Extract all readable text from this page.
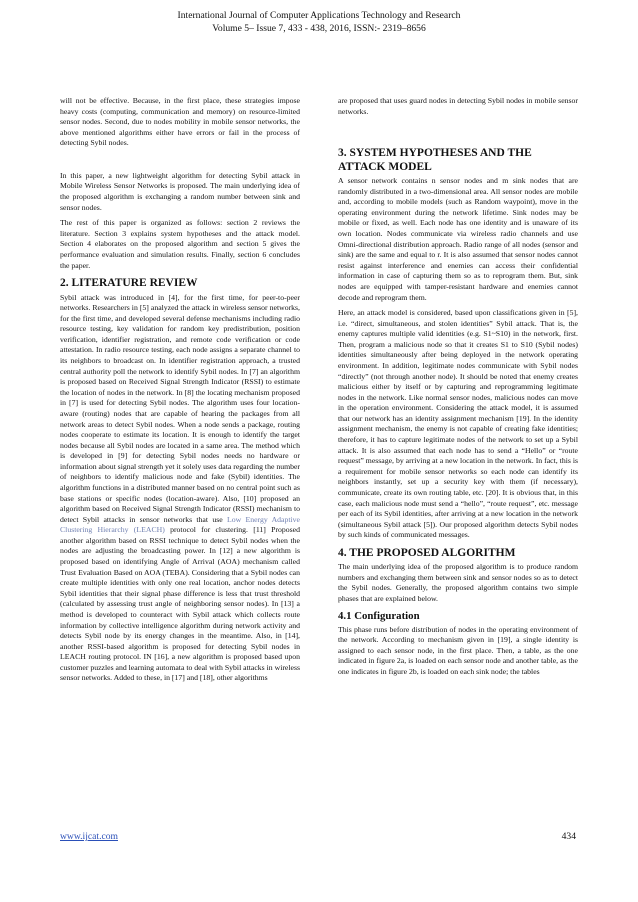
International Journal of Computer Applications Technology and Research
Volume 5– Issue 7, 433 - 438, 2016, ISSN:- 2319–8656

will not be effective. Because, in the first place, these strategies impose heavy costs (computing, communication and memory) on resource-limited sensor nodes. Second, due to nodes mobility in mobile sensor networks, the above mentioned algorithms either have errors or fail in the process of detecting Sybil nodes.

In this paper, a new lightweight algorithm for detecting Sybil attack in Mobile Wireless Sensor Networks is proposed. The main underlying idea of the proposed algorithm is exchanging a random number between sink and sensor nodes.

The rest of this paper is organized as follows: section 2 reviews the literature. Section 3 explains system hypotheses and the attack model. Section 4 elaborates on the proposed algorithm and section 5 gives the performance evaluation and simulation results. Finally, section 6 concludes the paper.

2. LITERATURE REVIEW

Sybil attack was introduced in [4], for the first time, for peer-to-peer networks. Researchers in [5] analyzed the attack in wireless sensor networks, for the first time, and developed several defense mechanisms including radio resource testing, key validation for random key predistribution, position verification, identifier registration, and remote code verification or code attestation. In radio resource testing, each node assigns a separate channel to its neighbors to broadcast on. In identifier registration approach, a trusted central authority poll the network to identify Sybil nodes. In [7] an algorithm is proposed based on Received Signal Strength Indicator (RSSI) to estimate the location of nodes in the network. In [8] the locating mechanism proposed in [7] is used for detecting Sybil nodes. The algorithm uses four location-aware (routing) nodes that are capable of hearing the packages from all network areas to detect Sybil nodes. When a node sends a package, routing nodes cooperate to estimate its location. It is enough to identify the target nodes because all Sybil nodes are located in a same area. The method which is developed in [9] for detecting Sybil nodes needs no hardware or information about signal strength yet it solely uses data regarding the number of neighbors to identify malicious node and fake (Sybil) identities. The algorithm functions in a distributed manner based on no central point such as base stations or specific nodes (location-aware). Also, [10] proposed an algorithm based on Received Signal Strength Indicator (RSSI) mechanism to detect Sybil attacks in sensor networks that use Low Energy Adaptive Clustering Hierarchy (LEACH) protocol for clustering. [11] Proposed another algorithm based on RSSI technique to detect Sybil nodes when the nodes are adjusting the broadcasting power. In [12] a new algorithm is proposed based on identifying Angle of Arrival (AOA) mechanism called Trust Evaluation Based on AOA (TEBA). Considering that a Sybil nodes can create multiple identities with only one real location, anchor nodes detects Sybil identities that their signal phase difference is less that trust threshold (calculated by assessing trust angle of neighboring sensor nodes). In [13] a method is developed to counteract with Sybil attack which collects route information by collective intelligence algorithm during network activity and detects Sybil node by its energy changes in the meantime. Also, in [14], another RSSI-based algorithm is proposed for detecting Sybil nodes in LEACH routing protocol. IN [16], a new algorithm is proposed based upon customer puzzles and learning automata to deal with Sybil attacks in wireless sensor networks. Added to these, in [17] and [18], other algorithms

are proposed that uses guard nodes in detecting Sybil nodes in mobile sensor networks.

3. SYSTEM HYPOTHESES AND THE ATTACK MODEL

A sensor network contains n sensor nodes and m sink nodes that are randomly distributed in a two-dimensional area. All sensor nodes are mobile and, according to mobile models (such as Random waypoint), move in the operating environment during the network lifetime. Sink nodes may be mobile or fixed, as well. Each node has one identity and is unaware of its own location. Nodes communicate via wireless radio channels and use Omni-directional distribution approach. Radio range of all nodes (sensor and sink) are the same and equal to r. It is also assumed that sensor nodes cannot resist against interference and enemies can access their confidential information in case of capturing them so as to reprogram them. But, sink nodes are equipped with tamper-resistant hardware and enemies cannot decode and reprogram them.

Here, an attack model is considered, based upon classifications given in [5], i.e. “direct, simultaneous, and stolen identities” Sybil attack. That is, the enemy captures multiple valid identities (e.g. S1~S10) in the network, first. Then, program a malicious node so that it creates S1 to S10 (Sybil nodes) identities simultaneously after being deployed in the network operating environment. In addition, legitimate nodes communicate with Sybil nodes “directly” (not through another node). It should be noted that enemy creates malicious either by itself or by capturing and reprogramming legitimate nodes in the network. Like normal sensor nodes, malicious nodes can move in the operation environment. Considering the attack model, it is assumed that our network has an identity assignment mechanism [19]. In the identity assignment mechanism, the enemy is not capable of creating fake identities; therefore, it has to capture legitimate nodes of the network to set up a Sybil attack. It is also assumed that each node has to send a “Hello” or “route request” message, by arriving at a new location in the network. In fact, this is a requirement for mobile sensor networks so each node can identify its neighbors instantly, set up a security key with them (if necessary), communicate, create its own routing table, etc. [20]. It is obvious that, in this case, each malicious node must send a “hello”, “route request”, etc. message per each of its Sybil identities, after arriving at a new location in the network (simultaneous Sybil attack [5]). Our proposed algorithm detects Sybil nodes by such kinds of communicated messages.

4. THE PROPOSED ALGORITHM

The main underlying idea of the proposed algorithm is to produce random numbers and exchanging them between sink and sensor nodes so as to detect the Sybil nodes. Generally, the proposed algorithm contains two simple phases that are explained below.

4.1 Configuration

This phase runs before distribution of nodes in the operating environment of the network. According to mechanism given in [19], a single identity is assigned to each sensor node, in the first place. Then, a table, as the one indicated in figure 2a, is loaded on each sensor node and another table, as the one indicates in figure 2b, is loaded on each sink node; the tables

www.ijcat.com	434
